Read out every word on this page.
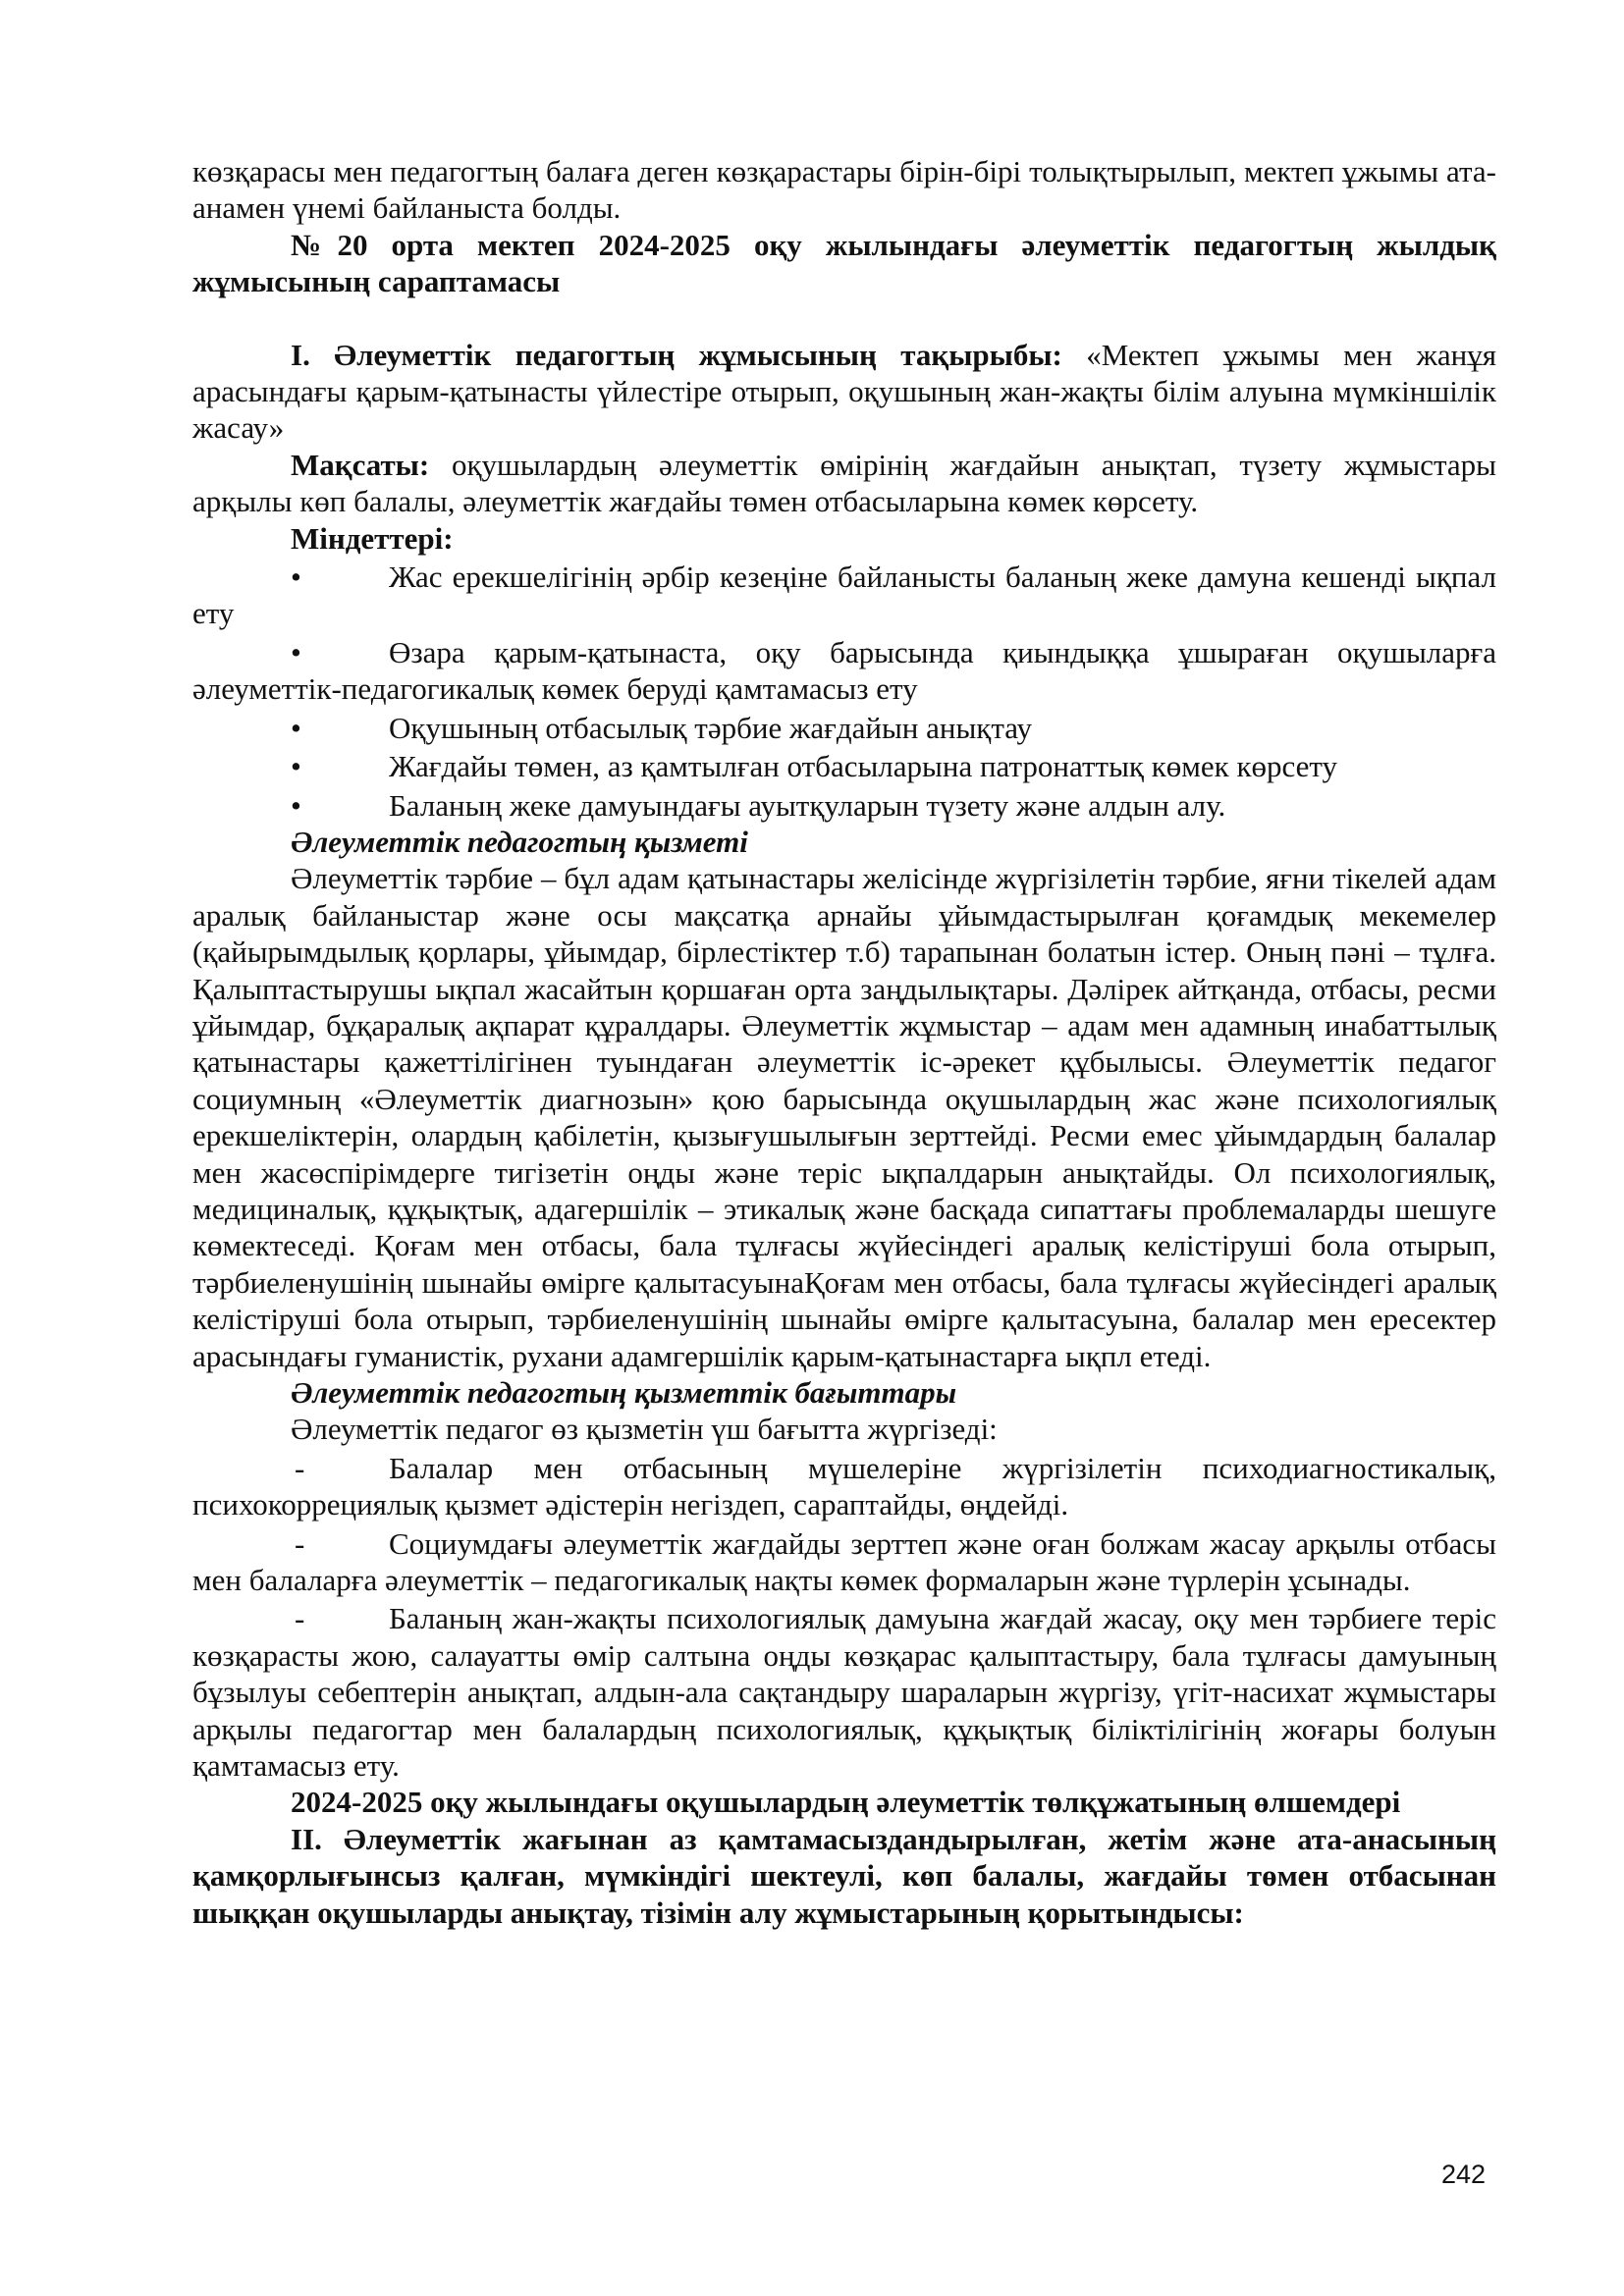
көзқарасы мен педагогтың балаға деген көзқарастары бірін-бірі толықтырылып, мектеп ұжымы ата-анамен үнемі байланыста болды.

№20 орта мектеп 2024-2025 оқу жылындағы әлеуметтік педагогтың жылдық жұмысының сараптамасы

I. Әлеуметтік педагогтың жұмысының тақырыбы: «Мектеп ұжымы мен жанұя арасындағы қарым-қатынасты үйлестіре отырып, оқушының жан-жақты білім алуына мүмкіншілік жасау»

Мақсаты: оқушылардың әлеуметтік өмірінің жағдайын анықтап, түзету жұмыстары арқылы көп балалы, әлеуметтік жағдайы төмен отбасыларына көмек көрсету.

Міндеттері:

•	Жас ерекшелігінің әрбір кезеңіне байланысты баланың жеке дамуна кешенді ықпал ету

•	Өзара қарым-қатынаста, оқу барысында қиындыққа ұшыраған оқушыларға әлеуметтік-педагогикалық көмек беруді қамтамасыз ету

•	Оқушының отбасылық тәрбие жағдайын анықтау

•	Жағдайы төмен, аз қамтылған отбасыларына патронаттық көмек көрсету

•	Баланың жеке дамуындағы ауытқуларын түзету және алдын алу.

Әлеуметтік педагогтың қызметі

Әлеуметтік тәрбие – бұл адам қатынастары желісінде жүргізілетін тәрбие, яғни тікелей адам аралық байланыстар және осы мақсатқа арнайы ұйымдастырылған қоғамдық мекемелер (қайырымдылық қорлары, ұйымдар, бірлестіктер т.б) тарапынан болатын істер. Оның пәні – тұлға. Қалыптастырушы ықпал жасайтын қоршаған орта заңдылықтары. Дәлірек айтқанда, отбасы, ресми ұйымдар, бұқаралық ақпарат құралдары. Әлеуметтік жұмыстар – адам мен адамның инабаттылық қатынастары қажеттілігінен туындаған әлеуметтік іс-әрекет құбылысы. Әлеуметтік педагог социумның «Әлеуметтік диагнозын» қою барысында оқушылардың жас және психологиялық ерекшеліктерін, олардың қабілетін, қызығушылығын зерттейді. Ресми емес ұйымдардың балалар мен жасөспірімдерге тигізетін оңды және теріс ықпалдарын анықтайды. Ол психологиялық, медициналық, құқықтық, адагершілік – этикалық және басқада сипаттағы проблемаларды шешуге көмектеседі. Қоғам мен отбасы, бала тұлғасы жүйесіндегі аралық келістіруші бола отырып, тәрбиеленушінің шынайы өмірге қалытасуынаҚоғам мен отбасы, бала тұлғасы жүйесіндегі аралық келістіруші бола отырып, тәрбиеленушінің шынайы өмірге қалытасуына, балалар мен ересектер арасындағы гуманистік, рухани адамгершілік қарым-қатынастарға ықпл етеді.

Әлеуметтік педагогтың қызметтік бағыттары

Әлеуметтік педагог өз қызметін үш бағытта жүргізеді:

-	Балалар мен отбасының мүшелеріне жүргізілетін психодиагностикалық, психокоррециялық қызмет әдістерін негіздеп, сараптайды, өңдейді.

-	Социумдағы әлеуметтік жағдайды зерттеп және оған болжам жасау арқылы отбасы мен балаларға әлеуметтік – педагогикалық нақты көмек формаларын және түрлерін ұсынады.

-	Баланың жан-жақты психологиялық дамуына жағдай жасау, оқу мен тәрбиеге теріс көзқарасты жою, салауатты өмір салтына оңды көзқарас қалыптастыру, бала тұлғасы дамуының бұзылуы себептерін анықтап, алдын-ала сақтандыру шараларын жүргізу, үгіт-насихат жұмыстары арқылы педагогтар мен балалардың психологиялық, құқықтық біліктілігінің жоғары болуын қамтамасыз ету.

2024-2025 оқу жылындағы оқушылардың әлеуметтік төлқұжатының өлшемдері

II. Әлеуметтік жағынан аз қамтамасыздандырылған, жетім және ата-анасының қамқорлығынсыз қалған, мүмкіндігі шектеулі, көп балалы, жағдайы төмен отбасынан шыққан оқушыларды анықтау, тізімін алу жұмыстарының қорытындысы:

242
